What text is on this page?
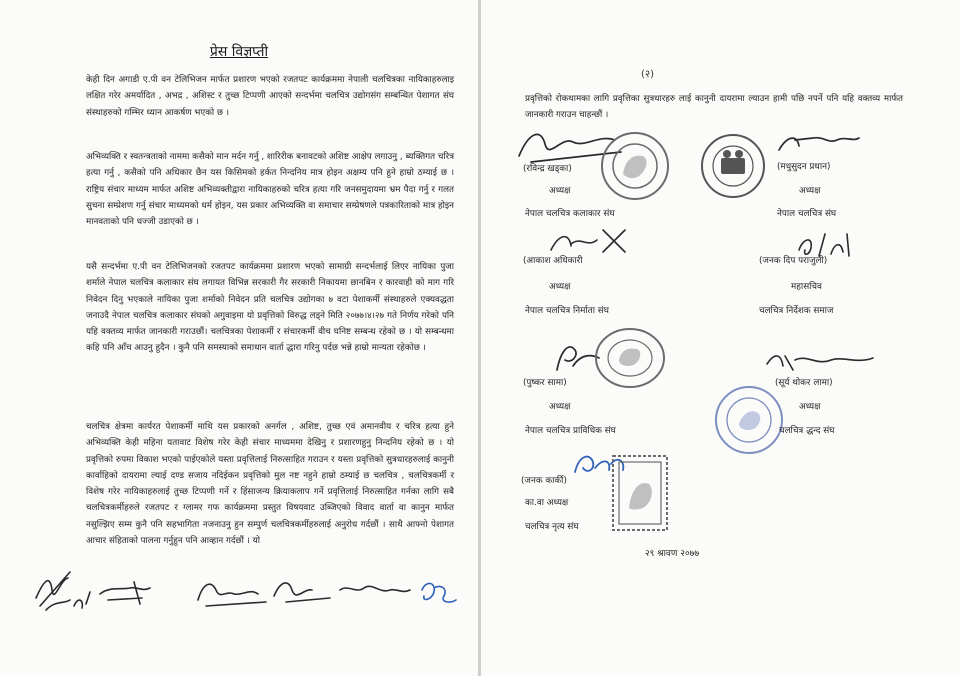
प्रेस विज्ञप्ती

केही दिन अगाडी ए.पी वन टेलिभिजन मार्फत प्रशारण भएको रजतपट कार्यक्रममा नेपाली चलचित्रका नायिकाहरुलाइ लक्षित गरेर अमर्यादित , अभद्र , अशिस्ट र तुच्छ टिप्पणी आएको सन्दर्भमा चलचित्र उद्योगसंग सम्बन्धित पेशागत संघ संस्थाहरुको गम्भिर ध्यान आकर्षण भएको छ ।

अभिव्यक्ति र स्वतन्त्रताको नाममा कसैको मान मर्दन गर्नु , शारिरीक बनावटको अशिष्ट आक्षेप लगाउनु , ब्यक्तिगत चरित्र हत्या गर्नु , कसैको पनि अधिकार छैन यस किसिमको हर्कत निन्दनिय मात्र होइन अक्षम्य पनि हुने हाम्रो ठम्याई छ । राष्ट्रिय संचार माध्यम मार्फत अशिष्ट अभिव्यक्तीद्वारा नायिकाहरुको चरित्र हत्या गरि जनसमुदायमा भ्रम पैदा गर्नु र गलत सुचना सम्प्रेशण गर्नु संचार माध्यमको धर्म होइन, यस प्रकार अभिव्यक्ति वा समाचार सम्प्रेषणले पत्रकारिताको मात्र होइन मानवताको पनि धज्जी उडाएको छ ।

यसै सन्दर्भमा ए.पी वन टेलिभिजनको रजतपट कार्यक्रममा प्रशारण भएको सामाग्री सन्दर्भलाई लिएर नायिका पुजा शर्माले नेपाल चलचित्र कलाकार संघ लगायत विभिन्न सरकारी गैर सरकारी निकायमा छानबिन र कारवाही को माग गरि निवेदन दिनु भएकाले नायिका पुजा शर्माको निवेदन प्रति चलचित्र उद्योगका ७ वटा पेशाकर्मी संस्थाहरुले एक्यवद्धता जनाउदै नेपाल चलचित्र कलाकार संघको अगुवाइमा यो प्रवृत्तिको विरुद्ध लड्ने मिति २०७७।४।२७ गते निर्णय गरेको पनि यहि वक्तव्य मार्फत जानकारी गराउछौं। चलचित्रका पेशाकर्मी र संचारकर्मी वीच घनिष्ट सम्बन्ध रहेको छ । यो सम्बन्धमा कहि पनि आँच आउनु हुदैन । कुनै पनि समस्याको समाधान वार्ता द्धारा गरिनु पर्दछ भन्ने हाम्रो मान्यता रहेकोछ ।

चलचित्र क्षेत्रमा कार्यरत पेशाकर्मी माथि यस प्रकारको अनर्गल , अशिष्ट, तुच्छ एवं अमानवीय र चरित्र हत्या हुने अभिव्यक्ति केही महिना यतावाट विशेष गरेर केही संचार माध्यममा देखिनु र प्रशारणहुनु निन्दनिय रहेको छ । यो प्रवृत्तिको रुपमा विकाश भएको पाईएकोले यस्ता प्रवृत्तिलाई निरुत्साहित गराउन र यस्ता प्रवृत्तिको सुत्रधारहरुलाई कानुनी कार्वाहिको दायरामा ल्याई दण्ड सजाय नदिईकन प्रवृत्तिको मुल नष्ट नहुने हाम्रो ठम्याई छ चलचित्र , चलचित्रकर्मी र विशेष गरेर नायिकाहरुलाई तुच्छ टिप्पणी गर्ने र हिंसाजन्य क्रियाकलाप गर्ने प्रवृत्तिलाई निरुत्साहित गर्नका लागि सबै चलचित्रकर्मीहरुले रजतपट र ग्लामर गफ कार्यक्रममा प्रस्तुत विषयवाट उब्जिएको विवाद वार्ता वा कानुन मार्फत नसुल्झिए सम्म कुनै पनि सहभागिता नजनाउनु हुन सम्पुर्ण चलचित्रकर्मीहरुलाई अनुरोध गर्दछौं । साथै आफ्नो पेशागत आचार संहिताको पालना गर्नुहुन पनि आव्हान गर्दछौं । यो

(२)

प्रवृत्तिको रोकथामका लागि प्रवृत्तिका सुत्रधारहरु लाई कानुनी दायरामा ल्याउन हामी पछि नपर्ने पनि यहि वक्तव्य मार्फत जानकारी गराउन चाहन्छौं ।

(रविन्द्र खड्का)
अध्यक्ष
नेपाल चलचित्र कलाकार संघ
(मधुसुदन प्रधान)
अध्यक्ष
नेपाल चलचित्र संघ
(आकाश अधिकारी
अध्यक्ष
नेपाल चलचित्र निर्माता संघ
(जनक दिप पराजुली)
महासचिव
चलचित्र निर्देशक समाज
(पुष्कर सामा)
अध्यक्ष
नेपाल चलचित्र प्राविधिक संघ
(सूर्य थोकर लामा)
अध्यक्ष
चलचित्र द्धन्द संघ
(जनक कार्की)
का.वा अध्यक्ष
चलचित्र नृत्य संघ
२९ श्रावण २०७७
